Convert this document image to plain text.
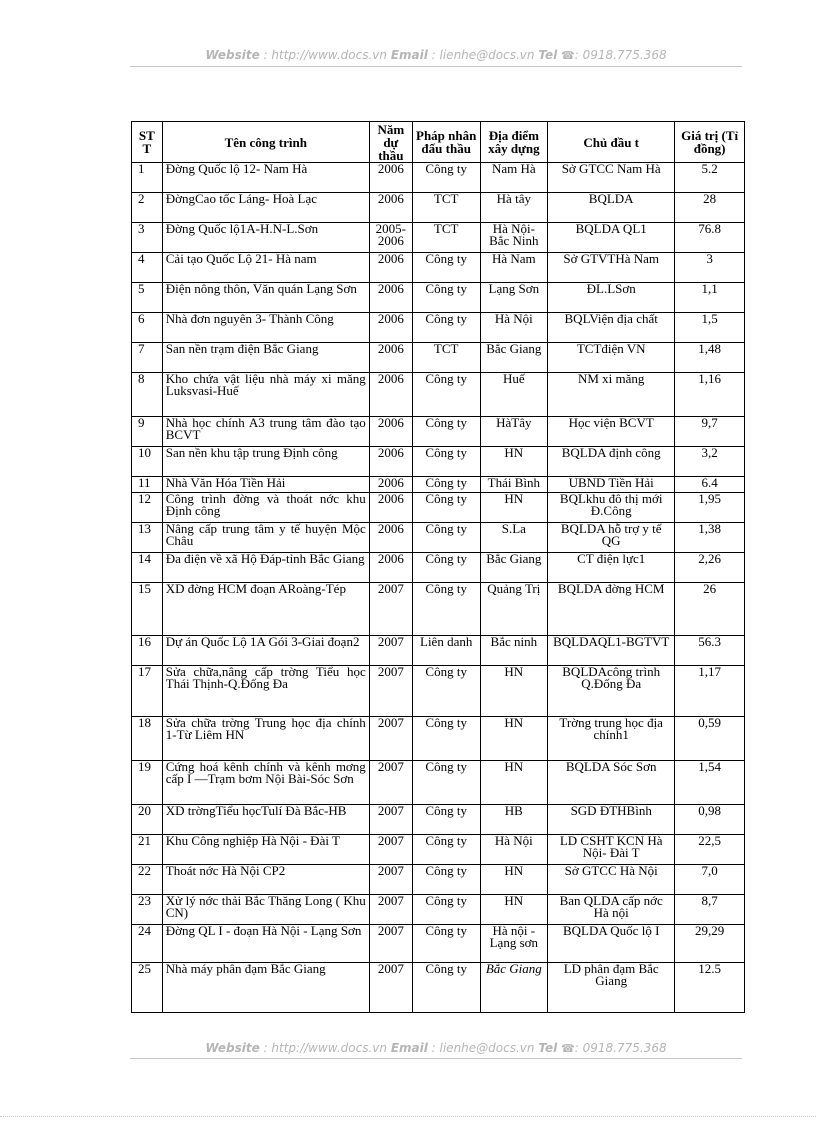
Website : http://www.docs.vn Email : lienhe@docs.vn Tel ☎: 0918.775.368
ST T	Tên công trình	Năm dự thầu	Pháp nhân đấu thầu	Địa điểm xây dựng	Chủ đầu t	Giá trị (Tỉ đồng)
1	Đờng Quốc lộ 12- Nam Hà	2006	Công ty	Nam Hà	Sở GTCC Nam Hà	5.2
2	ĐờngCao tốc Láng- Hoà Lạc	2006	TCT	Hà tây	BQLDA	28
3	Đờng Quốc lộ1A-H.N-L.Sơn	2005-2006	TCT	Hà Nội-Bắc Ninh	BQLDA QL1	76.8
4	Cải tạo Quốc Lộ 21- Hà nam	2006	Công ty	Hà Nam	Sở GTVTHà Nam	3
5	Điện nông thôn, Văn quán Lạng Sơn	2006	Công ty	Lạng Sơn	ĐL.LSơn	1,1
6	Nhà đơn nguyên 3- Thành Công	2006	Công ty	Hà Nội	BQLViện địa chất	1,5
7	San nền trạm điện Bắc Giang	2006	TCT	Bắc Giang	TCTđiện VN	1,48
8	Kho chứa vật liệu nhà máy xi măng Luksvasi-Huế	2006	Công ty	Huế	NM xi măng	1,16
9	Nhà học chính A3 trung tâm đào tạo BCVT	2006	Công ty	HàTây	Học viện BCVT	9,7
10	San nền khu tập trung Định công	2006	Công ty	HN	BQLDA định công	3,2
11	Nhà Văn Hóa Tiền Hải	2006	Công ty	Thái Bình	UBND Tiền Hải	6.4
12	Công trình đờng và thoát nớc khu Định công	2006	Công ty	HN	BQLkhu đô thị mới Đ.Công	1,95
13	Nâng cấp trung tâm y tế huyện Mộc Châu	2006	Công ty	S.La	BQLDA hỗ trợ y tế QG	1,38
14	Đa điện về xã Hộ Đáp-tỉnh Bắc Giang	2006	Công ty	Bắc Giang	CT điện lực1	2,26
15	XD đờng HCM đoạn ARoàng-Tép	2007	Công ty	Quảng Trị	BQLDA đờng HCM	26
16	Dự án Quốc Lộ 1A Gói 3-Giai đoạn2	2007	Liên danh	Bắc ninh	BQLDAQL1-BGTVT	56.3
17	Sửa chữa,nâng cấp trờng Tiểu học Thái Thịnh-Q.Đống Đa	2007	Công ty	HN	BQLDAcông trình Q.Đống Đa	1,17
18	Sửa chữa trờng Trung học địa chính 1-Từ Liêm HN	2007	Công ty	HN	Trờng trung học địa chính1	0,59
19	Cứng hoá kênh chính và kênh mơng cấp I —Trạm bơm Nội Bài-Sóc Sơn	2007	Công ty	HN	BQLDA Sóc Sơn	1,54
20	XD trờngTiểu họcTulí Đà Bắc-HB	2007	Công ty	HB	SGD ĐTHBình	0,98
21	Khu Công nghiệp Hà Nội - Đài T	2007	Công ty	Hà Nội	LD CSHT KCN Hà Nội- Đài T	22,5
22	Thoát nớc Hà Nội CP2	2007	Công ty	HN	Sở GTCC Hà Nội	7,0
23	Xử lý nớc thải Bắc Thăng Long ( Khu CN)	2007	Công ty	HN	Ban QLDA cấp nớc Hà nội	8,7
24	Đờng QL I - đoạn Hà Nội - Lạng Sơn	2007	Công ty	Hà nội - Lạng sơn	BQLDA Quốc lộ I	29,29
25	Nhà máy phân đạm Bắc Giang	2007	Công ty	Bắc Giang	LD phân đạm Bắc Giang	12.5
Website : http://www.docs.vn Email : lienhe@docs.vn Tel ☎: 0918.775.368
